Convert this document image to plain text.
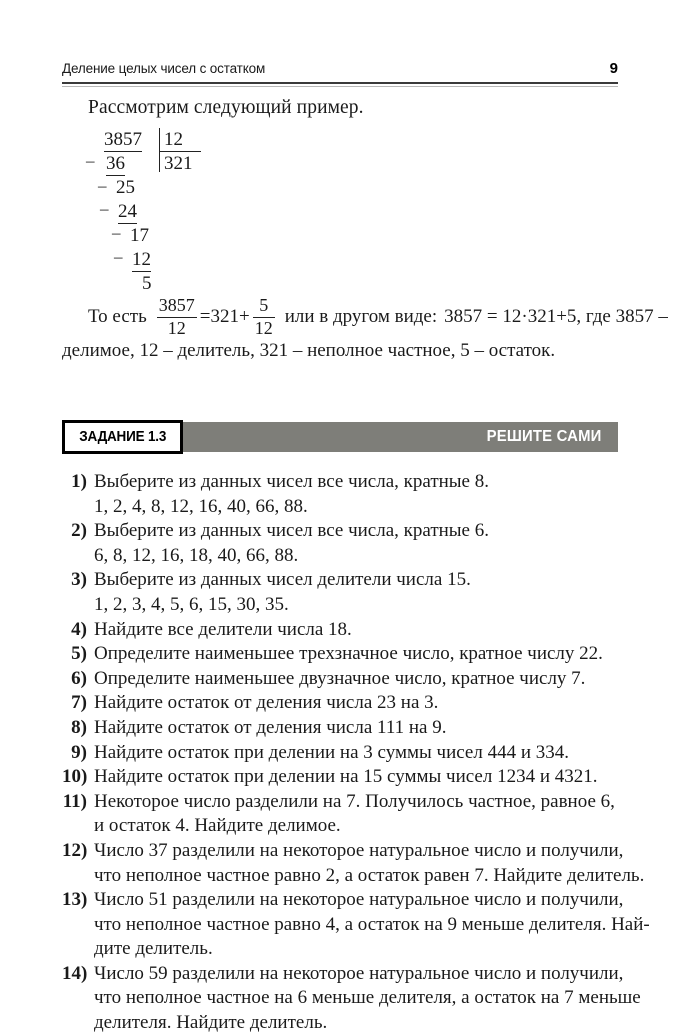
Деление целых чисел с остатком	9
Рассмотрим следующий пример.
3857 12
321
– 36
– 25
– 24
– 17
– 12
5
То есть $\frac{3857}{12} = 321 + \frac{5}{12}$ или в другом виде: 3857 = 12·321+5, где 3857 –
делимое, 12 – делитель, 321 – неполное частное, 5 – остаток.
РЕШИТЕ САМИ
ЗАДАНИЕ 1.3
1) Выберите из данных чисел все числа, кратные 8.
1, 2, 4, 8, 12, 16, 40, 66, 88.
2) Выберите из данных чисел все числа, кратные 6.
6, 8, 12, 16, 18, 40, 66, 88.
3) Выберите из данных чисел делители числа 15.
1, 2, 3, 4, 5, 6, 15, 30, 35.
4) Найдите все делители числа 18.
5) Определите наименьшее трехзначное число, кратное числу 22.
6) Определите наименьшее двузначное число, кратное числу 7.
7) Найдите остаток от деления числа 23 на 3.
8) Найдите остаток от деления числа 111 на 9.
9) Найдите остаток при делении на 3 суммы чисел 444 и 334.
10) Найдите остаток при делении на 15 суммы чисел 1234 и 4321.
11) Некоторое число разделили на 7. Получилось частное, равное 6,
и остаток 4. Найдите делимое.
12) Число 37 разделили на некоторое натуральное число и получили,
что неполное частное равно 2, а остаток равен 7. Найдите делитель.
13) Число 51 разделили на некоторое натуральное число и получили,
что неполное частное равно 4, а остаток на 9 меньше делителя. Най-
дите делитель.
14) Число 59 разделили на некоторое натуральное число и получили,
что неполное частное на 6 меньше делителя, а остаток на 7 меньше
делителя. Найдите делитель.
